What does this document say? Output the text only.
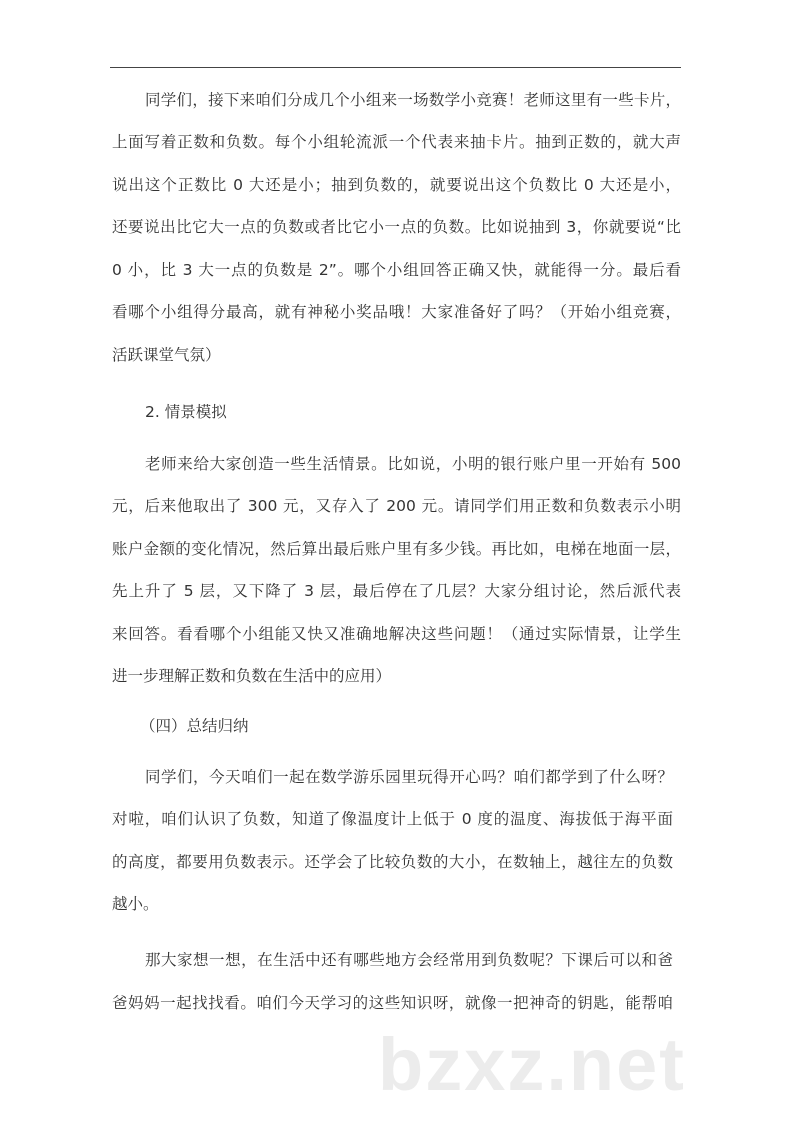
同学们，接下来咱们分成几个小组来一场数学小竞赛！老师这里有一些卡片，
上面写着正数和负数。每个小组轮流派一个代表来抽卡片。抽到正数的，就大声
说出这个正数比 0 大还是小；抽到负数的，就要说出这个负数比 0 大还是小，
还要说出比它大一点的负数或者比它小一点的负数。比如说抽到 3，你就要说“比
0 小，比 3 大一点的负数是 2”。哪个小组回答正确又快，就能得一分。最后看
看哪个小组得分最高，就有神秘小奖品哦！大家准备好了吗？（开始小组竞赛，
活跃课堂气氛）
2. 情景模拟
老师来给大家创造一些生活情景。比如说，小明的银行账户里一开始有 500
元，后来他取出了 300 元，又存入了 200 元。请同学们用正数和负数表示小明
账户金额的变化情况，然后算出最后账户里有多少钱。再比如，电梯在地面一层，
先上升了 5 层，又下降了 3 层，最后停在了几层？大家分组讨论，然后派代表
来回答。看看哪个小组能又快又准确地解决这些问题！（通过实际情景，让学生
进一步理解正数和负数在生活中的应用）
（四）总结归纳
同学们，今天咱们一起在数学游乐园里玩得开心吗？咱们都学到了什么呀？
对啦，咱们认识了负数，知道了像温度计上低于 0 度的温度、海拔低于海平面
的高度，都要用负数表示。还学会了比较负数的大小，在数轴上，越往左的负数
越小。
那大家想一想，在生活中还有哪些地方会经常用到负数呢？下课后可以和爸
爸妈妈一起找找看。咱们今天学习的这些知识呀，就像一把神奇的钥匙，能帮咱
bzxz.net
